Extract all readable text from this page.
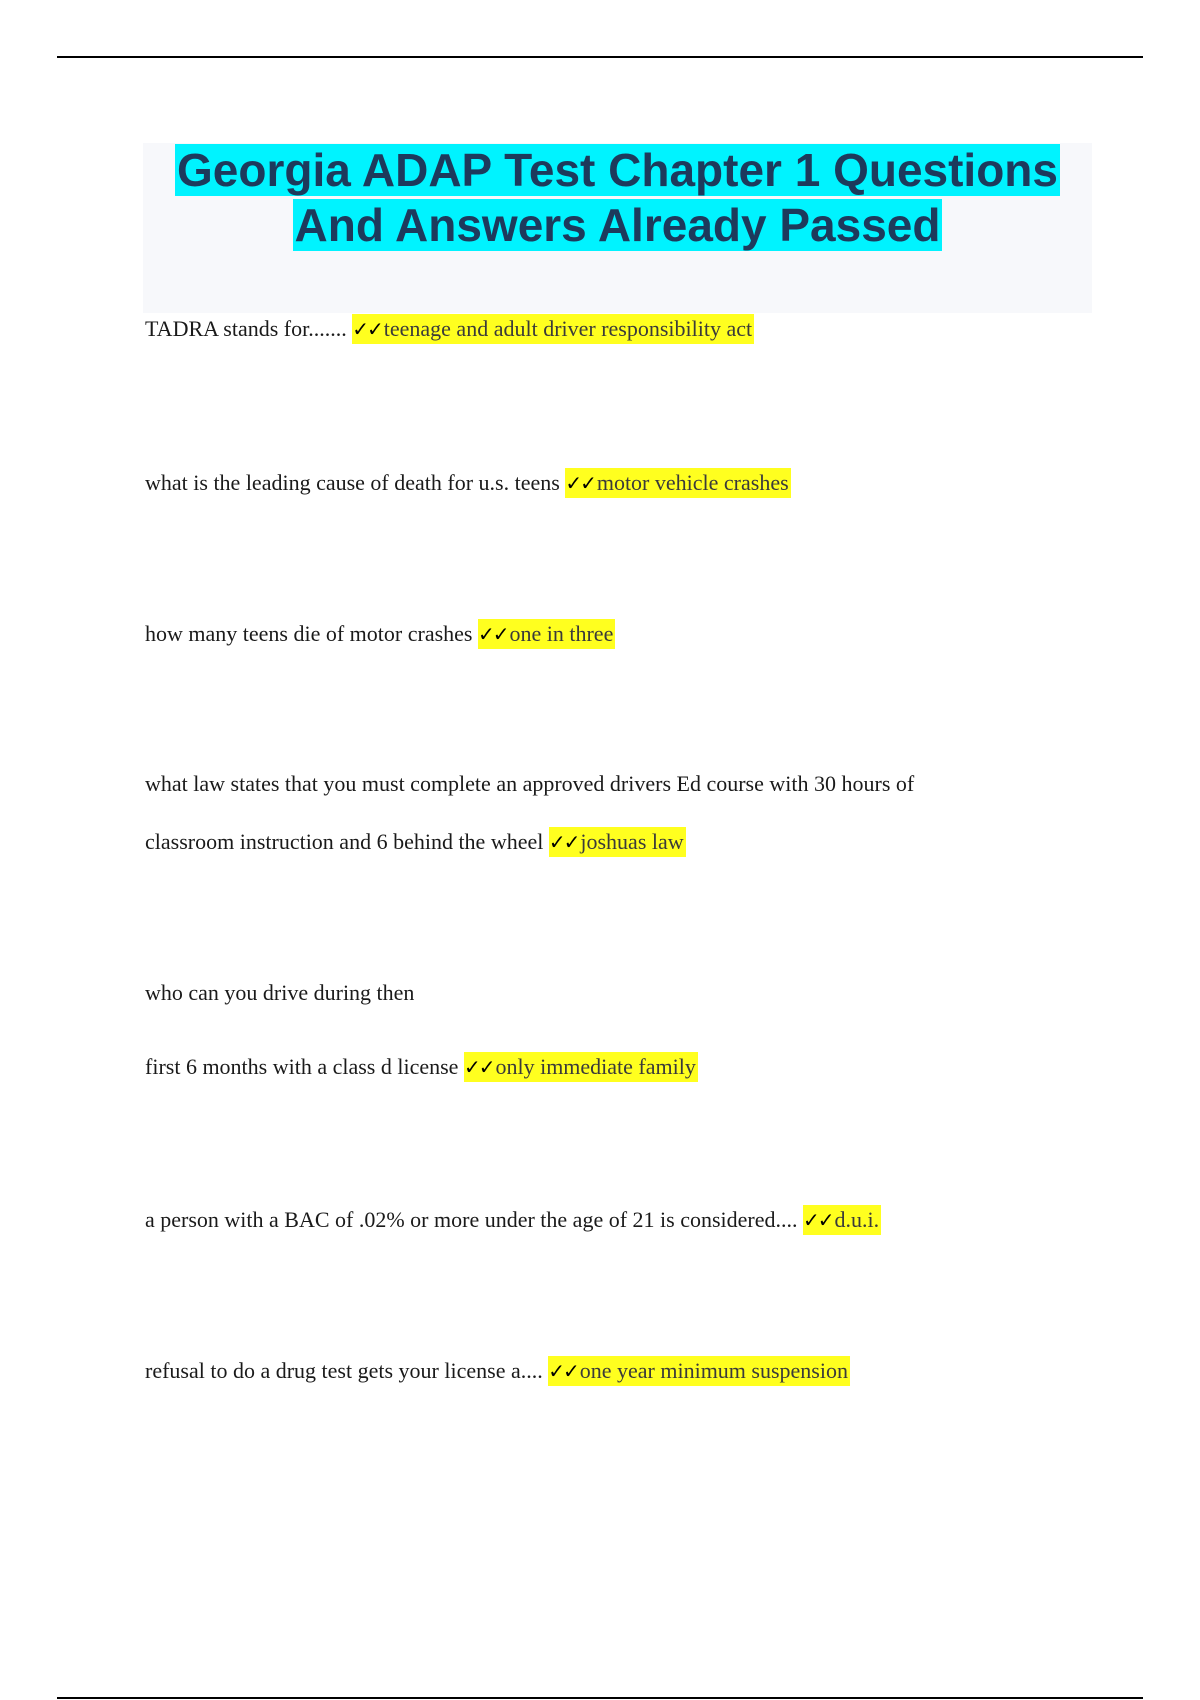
Georgia ADAP Test Chapter 1 Questions
And Answers Already Passed
TADRA stands for....... ✓✓teenage and adult driver responsibility act
what is the leading cause of death for u.s. teens ✓✓motor vehicle crashes
how many teens die of motor crashes ✓✓one in three
what law states that you must complete an approved drivers Ed course with 30 hours of
classroom instruction and 6 behind the wheel ✓✓joshuas law
who can you drive during then
first 6 months with a class d license ✓✓only immediate family
a person with a BAC of .02% or more under the age of 21 is considered.... ✓✓d.u.i.
refusal to do a drug test gets your license a.... ✓✓one year minimum suspension
